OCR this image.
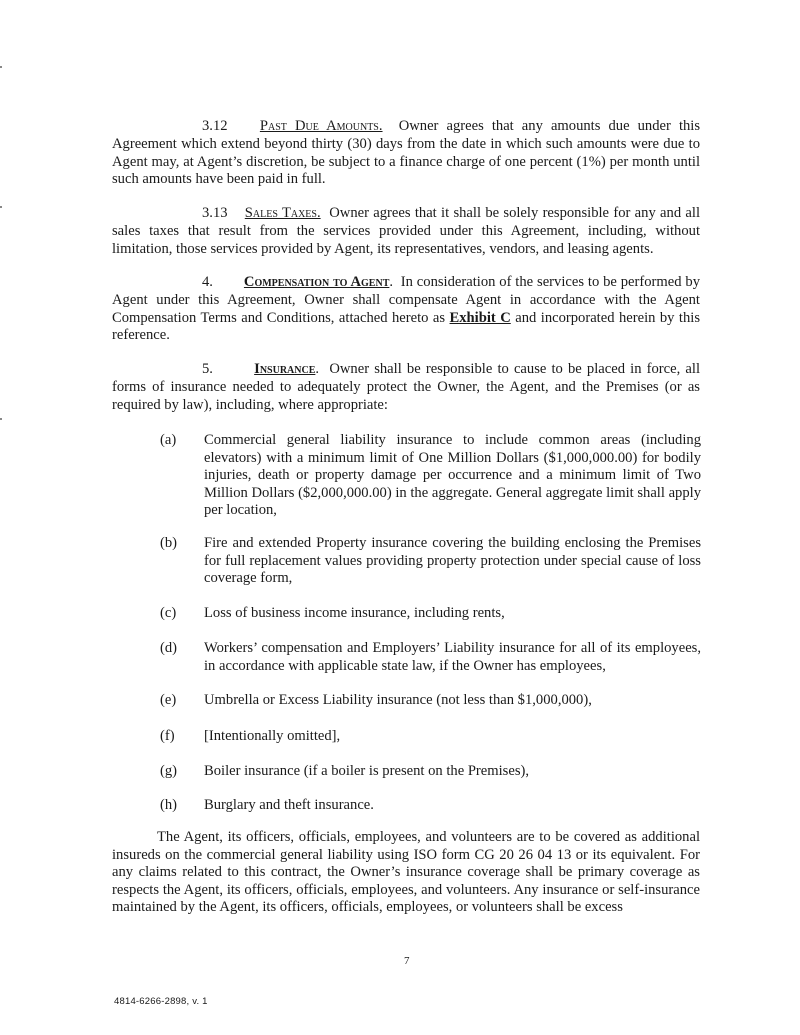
3.12 Past Due Amounts. Owner agrees that any amounts due under this Agreement which extend beyond thirty (30) days from the date in which such amounts were due to Agent may, at Agent’s discretion, be subject to a finance charge of one percent (1%) per month until such amounts have been paid in full.
3.13 Sales Taxes. Owner agrees that it shall be solely responsible for any and all sales taxes that result from the services provided under this Agreement, including, without limitation, those services provided by Agent, its representatives, vendors, and leasing agents.
4. Compensation to Agent.  In consideration of the services to be performed by Agent under this Agreement, Owner shall compensate Agent in accordance with the Agent Compensation Terms and Conditions, attached hereto as Exhibit C and incorporated herein by this reference.
5.	Insurance.  Owner shall be responsible to cause to be placed in force, all forms of insurance needed to adequately protect the Owner, the Agent, and the Premises (or as required by law), including, where appropriate:
(a) Commercial general liability insurance to include common areas (including elevators) with a minimum limit of One Million Dollars ($1,000,000.00) for bodily injuries, death or property damage per occurrence and a minimum limit of Two Million Dollars ($2,000,000.00) in the aggregate. General aggregate limit shall apply per location,
(b) Fire and extended Property insurance covering the building enclosing the Premises for full replacement values providing property protection under special cause of loss coverage form,
(c) Loss of business income insurance, including rents,
(d) Workers’ compensation and Employers’ Liability insurance for all of its employees, in accordance with applicable state law, if the Owner has employees,
(e) Umbrella or Excess Liability insurance (not less than $1,000,000),
(f) [Intentionally omitted],
(g) Boiler insurance (if a boiler is present on the Premises),
(h) Burglary and theft insurance.
The Agent, its officers, officials, employees, and volunteers are to be covered as additional insureds on the commercial general liability using ISO form CG 20 26 04 13 or its equivalent. For any claims related to this contract, the Owner’s insurance coverage shall be primary coverage as respects the Agent, its officers, officials, employees, and volunteers. Any insurance or self-insurance maintained by the Agent, its officers, officials, employees, or volunteers shall be excess
7
4814-6266-2898, v. 1
